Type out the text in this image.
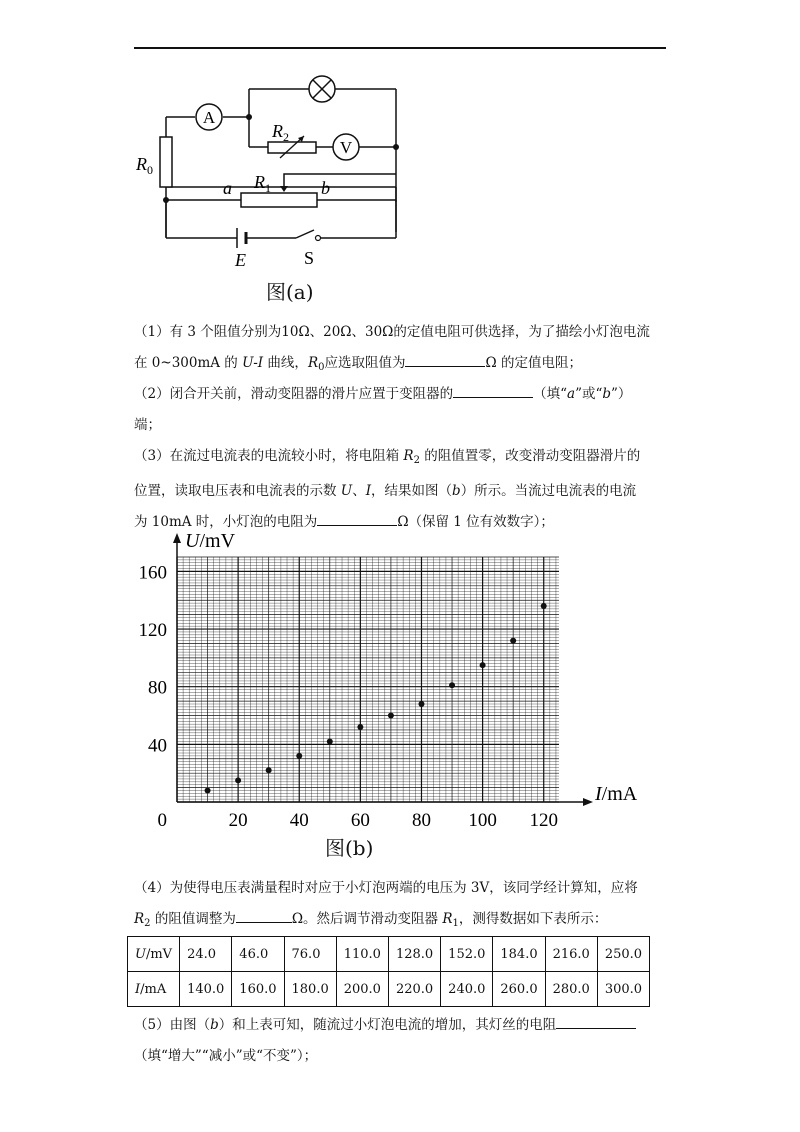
A
V
$R_0$
$R_2$
$R_1$
a	b
E	S
图(a)
（1）有 3 个阻值分别为10Ω、20Ω、30Ω的定值电阻可供选择，为了描绘小灯泡电流
在 0~300mA 的 U-I 曲线，$R_0$应选取阻值为	Ω 的定值电阻；
（2）闭合开关前，滑动变阻器的滑片应置于变阻器的	（填“a”或“b”）
端；
（3）在流过电流表的电流较小时，将电阻箱 $R_2$ 的阻值置零，改变滑动变阻器滑片的
位置，读取电压表和电流表的示数 U、I，结果如图（b）所示。当流过电流表的电流
为 10mA 时，小灯泡的电阻为	Ω（保留 1 位有效数字）；
20 40 60 80 100 120
40
80
120
160
0
U/mV
I/mA
图(b)
（4）为使得电压表满量程时对应于小灯泡两端的电压为 3V，该同学经计算知，应将
$R_2$ 的阻值调整为	Ω。然后调节滑动变阻器 $R_1$，测得数据如下表所示：
U/mV	24.0	46.0	76.0	110.0	128.0	152.0	184.0	216.0	250.0
I/mA	140.0	160.0	180.0	200.0	220.0	240.0	260.0	280.0	300.0
（5）由图（b）和上表可知，随流过小灯泡电流的增加，其灯丝的电阻
（填“增大”“减小”或“不变”）；
